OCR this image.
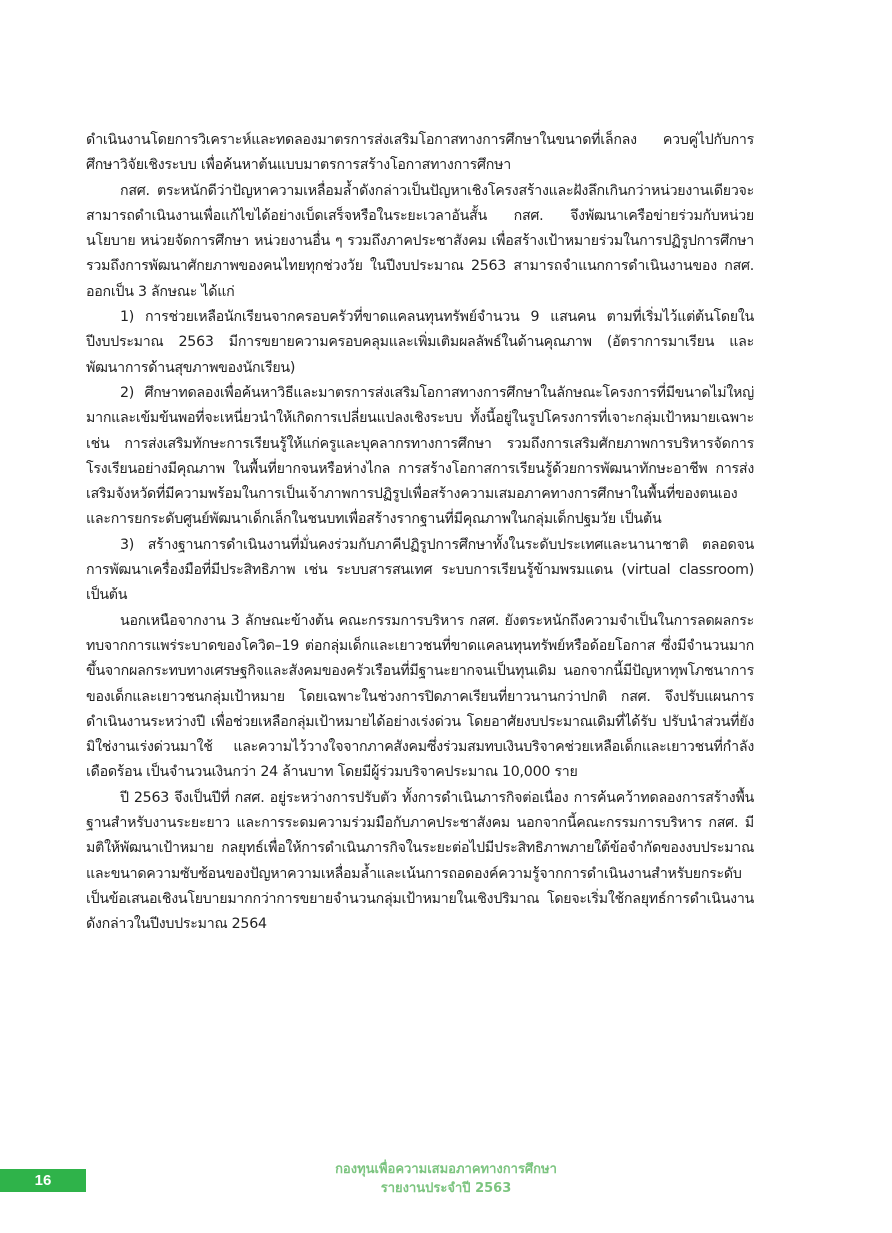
ดำเนินงานโดยการวิเคราะห์และทดลองมาตรการส่งเสริมโอกาสทางการศึกษาในขนาดที่เล็กลง ควบคู่ไปกับการศึกษาวิจัยเชิงระบบ เพื่อค้นหาต้นแบบมาตรการสร้างโอกาสทางการศึกษา

กสศ. ตระหนักดีว่าปัญหาความเหลื่อมล้ำดังกล่าวเป็นปัญหาเชิงโครงสร้างและฝังลึกเกินกว่าหน่วยงานเดียวจะสามารถดำเนินงานเพื่อแก้ไขได้อย่างเบ็ดเสร็จหรือในระยะเวลาอันสั้น กสศ. จึงพัฒนาเครือข่ายร่วมกับหน่วยนโยบาย หน่วยจัดการศึกษา หน่วยงานอื่น ๆ รวมถึงภาคประชาสังคม เพื่อสร้างเป้าหมายร่วมในการปฏิรูปการศึกษา รวมถึงการพัฒนาศักยภาพของคนไทยทุกช่วงวัย ในปีงบประมาณ 2563 สามารถจำแนกการดำเนินงานของ กสศ. ออกเป็น 3 ลักษณะ ได้แก่

1) การช่วยเหลือนักเรียนจากครอบครัวที่ขาดแคลนทุนทรัพย์จำนวน 9 แสนคน ตามที่เริ่มไว้แต่ต้นโดยในปีงบประมาณ 2563 มีการขยายความครอบคลุมและเพิ่มเติมผลลัพธ์ในด้านคุณภาพ (อัตราการมาเรียน และพัฒนาการด้านสุขภาพของนักเรียน)

2) ศึกษาทดลองเพื่อค้นหาวิธีและมาตรการส่งเสริมโอกาสทางการศึกษาในลักษณะโครงการที่มีขนาดไม่ใหญ่มากและเข้มข้นพอที่จะเหนี่ยวนำให้เกิดการเปลี่ยนแปลงเชิงระบบ ทั้งนี้อยู่ในรูปโครงการที่เจาะกลุ่มเป้าหมายเฉพาะ เช่น การส่งเสริมทักษะการเรียนรู้ให้แก่ครูและบุคลากรทางการศึกษา รวมถึงการเสริมศักยภาพการบริหารจัดการโรงเรียนอย่างมีคุณภาพ ในพื้นที่ยากจนหรือห่างไกล การสร้างโอกาสการเรียนรู้ด้วยการพัฒนาทักษะอาชีพ การส่งเสริมจังหวัดที่มีความพร้อมในการเป็นเจ้าภาพการปฏิรูปเพื่อสร้างความเสมอภาคทางการศึกษาในพื้นที่ของตนเอง และการยกระดับศูนย์พัฒนาเด็กเล็กในชนบทเพื่อสร้างรากฐานที่มีคุณภาพในกลุ่มเด็กปฐมวัย เป็นต้น

3) สร้างฐานการดำเนินงานที่มั่นคงร่วมกับภาคีปฏิรูปการศึกษาทั้งในระดับประเทศและนานาชาติ ตลอดจนการพัฒนาเครื่องมือที่มีประสิทธิภาพ เช่น ระบบสารสนเทศ ระบบการเรียนรู้ข้ามพรมแดน (virtual classroom) เป็นต้น

นอกเหนือจากงาน 3 ลักษณะข้างต้น คณะกรรมการบริหาร กสศ. ยังตระหนักถึงความจำเป็นในการลดผลกระทบจากการแพร่ระบาดของโควิด–19 ต่อกลุ่มเด็กและเยาวชนที่ขาดแคลนทุนทรัพย์หรือด้อยโอกาส ซึ่งมีจำนวนมากขึ้นจากผลกระทบทางเศรษฐกิจและสังคมของครัวเรือนที่มีฐานะยากจนเป็นทุนเดิม นอกจากนี้มีปัญหาทุพโภชนาการของเด็กและเยาวชนกลุ่มเป้าหมาย โดยเฉพาะในช่วงการปิดภาคเรียนที่ยาวนานกว่าปกติ กสศ. จึงปรับแผนการดำเนินงานระหว่างปี เพื่อช่วยเหลือกลุ่มเป้าหมายได้อย่างเร่งด่วน โดยอาศัยงบประมาณเดิมที่ได้รับ ปรับนำส่วนที่ยังมิใช่งานเร่งด่วนมาใช้ และความไว้วางใจจากภาคสังคมซึ่งร่วมสมทบเงินบริจาคช่วยเหลือเด็กและเยาวชนที่กำลังเดือดร้อน เป็นจำนวนเงินกว่า 24 ล้านบาท โดยมีผู้ร่วมบริจาคประมาณ 10,000 ราย

ปี 2563 จึงเป็นปีที่ กสศ. อยู่ระหว่างการปรับตัว ทั้งการดำเนินภารกิจต่อเนื่อง การค้นคว้าทดลองการสร้างพื้นฐานสำหรับงานระยะยาว และการระดมความร่วมมือกับภาคประชาสังคม นอกจากนี้คณะกรรมการบริหาร กสศ. มีมติให้พัฒนาเป้าหมาย กลยุทธ์เพื่อให้การดำเนินภารกิจในระยะต่อไปมีประสิทธิภาพภายใต้ข้อจำกัดของงบประมาณและขนาดความซับซ้อนของปัญหาความเหลื่อมล้ำและเน้นการถอดองค์ความรู้จากการดำเนินงานสำหรับยกระดับเป็นข้อเสนอเชิงนโยบายมากกว่าการขยายจำนวนกลุ่มเป้าหมายในเชิงปริมาณ โดยจะเริ่มใช้กลยุทธ์การดำเนินงานดังกล่าวในปีงบประมาณ 2564

16
กองทุนเพื่อความเสมอภาคทางการศึกษา
รายงานประจำปี 2563
